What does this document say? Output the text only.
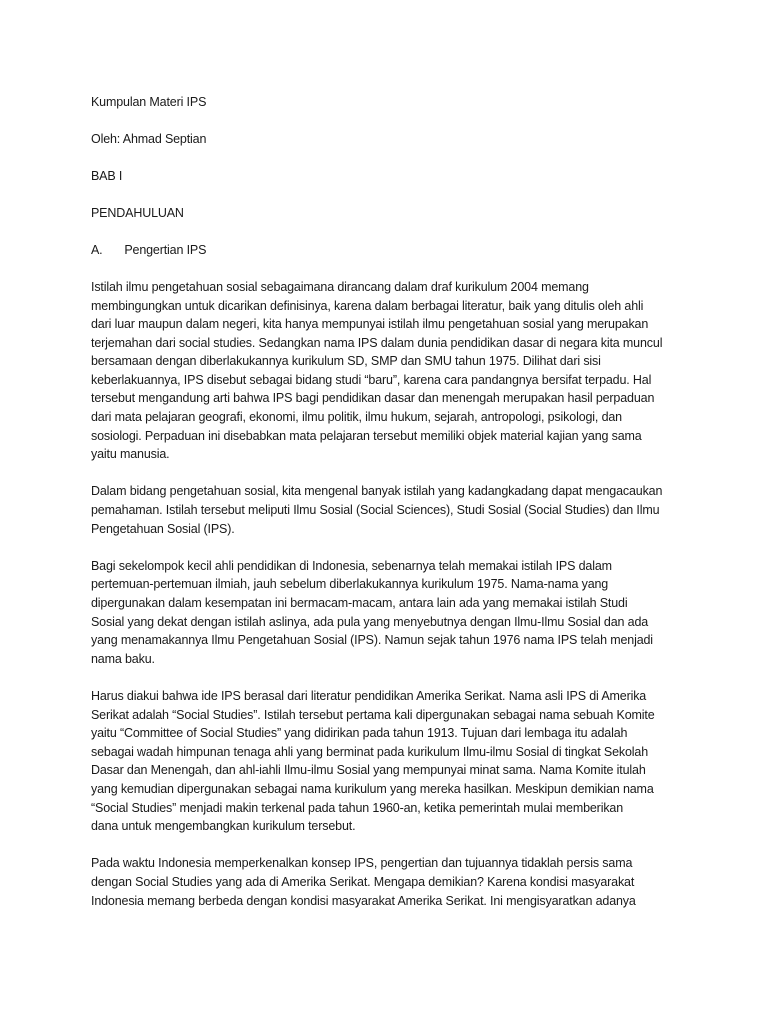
Kumpulan Materi IPS
Oleh: Ahmad Septian
BAB I
PENDAHULUAN
A. Pengertian IPS
Istilah ilmu pengetahuan sosial sebagaimana dirancang dalam draf kurikulum 2004 memang
membingungkan untuk dicarikan definisinya, karena dalam berbagai literatur, baik yang ditulis oleh ahli
dari luar maupun dalam negeri, kita hanya mempunyai istilah ilmu pengetahuan sosial yang merupakan
terjemahan dari social studies. Sedangkan nama IPS dalam dunia pendidikan dasar di negara kita muncul
bersamaan dengan diberlakukannya kurikulum SD, SMP dan SMU tahun 1975. Dilihat dari sisi
keberlakuannya, IPS disebut sebagai bidang studi “baru”, karena cara pandangnya bersifat terpadu. Hal
tersebut mengandung arti bahwa IPS bagi pendidikan dasar dan menengah merupakan hasil perpaduan
dari mata pelajaran geografi, ekonomi, ilmu politik, ilmu hukum, sejarah, antropologi, psikologi, dan
sosiologi. Perpaduan ini disebabkan mata pelajaran tersebut memiliki objek material kajian yang sama
yaitu manusia.
Dalam bidang pengetahuan sosial, kita mengenal banyak istilah yang kadangkadang dapat mengacaukan
pemahaman. Istilah tersebut meliputi Ilmu Sosial (Social Sciences), Studi Sosial (Social Studies) dan Ilmu
Pengetahuan Sosial (IPS).
Bagi sekelompok kecil ahli pendidikan di Indonesia, sebenarnya telah memakai istilah IPS dalam
pertemuan-pertemuan ilmiah, jauh sebelum diberlakukannya kurikulum 1975. Nama-nama yang
dipergunakan dalam kesempatan ini bermacam-macam, antara lain ada yang memakai istilah Studi
Sosial yang dekat dengan istilah aslinya, ada pula yang menyebutnya dengan Ilmu-Ilmu Sosial dan ada
yang menamakannya Ilmu Pengetahuan Sosial (IPS). Namun sejak tahun 1976 nama IPS telah menjadi
nama baku.
Harus diakui bahwa ide IPS berasal dari literatur pendidikan Amerika Serikat. Nama asli IPS di Amerika
Serikat adalah “Social Studies”. Istilah tersebut pertama kali dipergunakan sebagai nama sebuah Komite
yaitu “Committee of Social Studies” yang didirikan pada tahun 1913. Tujuan dari lembaga itu adalah
sebagai wadah himpunan tenaga ahli yang berminat pada kurikulum Ilmu-ilmu Sosial di tingkat Sekolah
Dasar dan Menengah, dan ahl-iahli Ilmu-ilmu Sosial yang mempunyai minat sama. Nama Komite itulah
yang kemudian dipergunakan sebagai nama kurikulum yang mereka hasilkan. Meskipun demikian nama
“Social Studies” menjadi makin terkenal pada tahun 1960-an, ketika pemerintah mulai memberikan
dana untuk mengembangkan kurikulum tersebut.
Pada waktu Indonesia memperkenalkan konsep IPS, pengertian dan tujuannya tidaklah persis sama
dengan Social Studies yang ada di Amerika Serikat. Mengapa demikian? Karena kondisi masyarakat
Indonesia memang berbeda dengan kondisi masyarakat Amerika Serikat. Ini mengisyaratkan adanya
